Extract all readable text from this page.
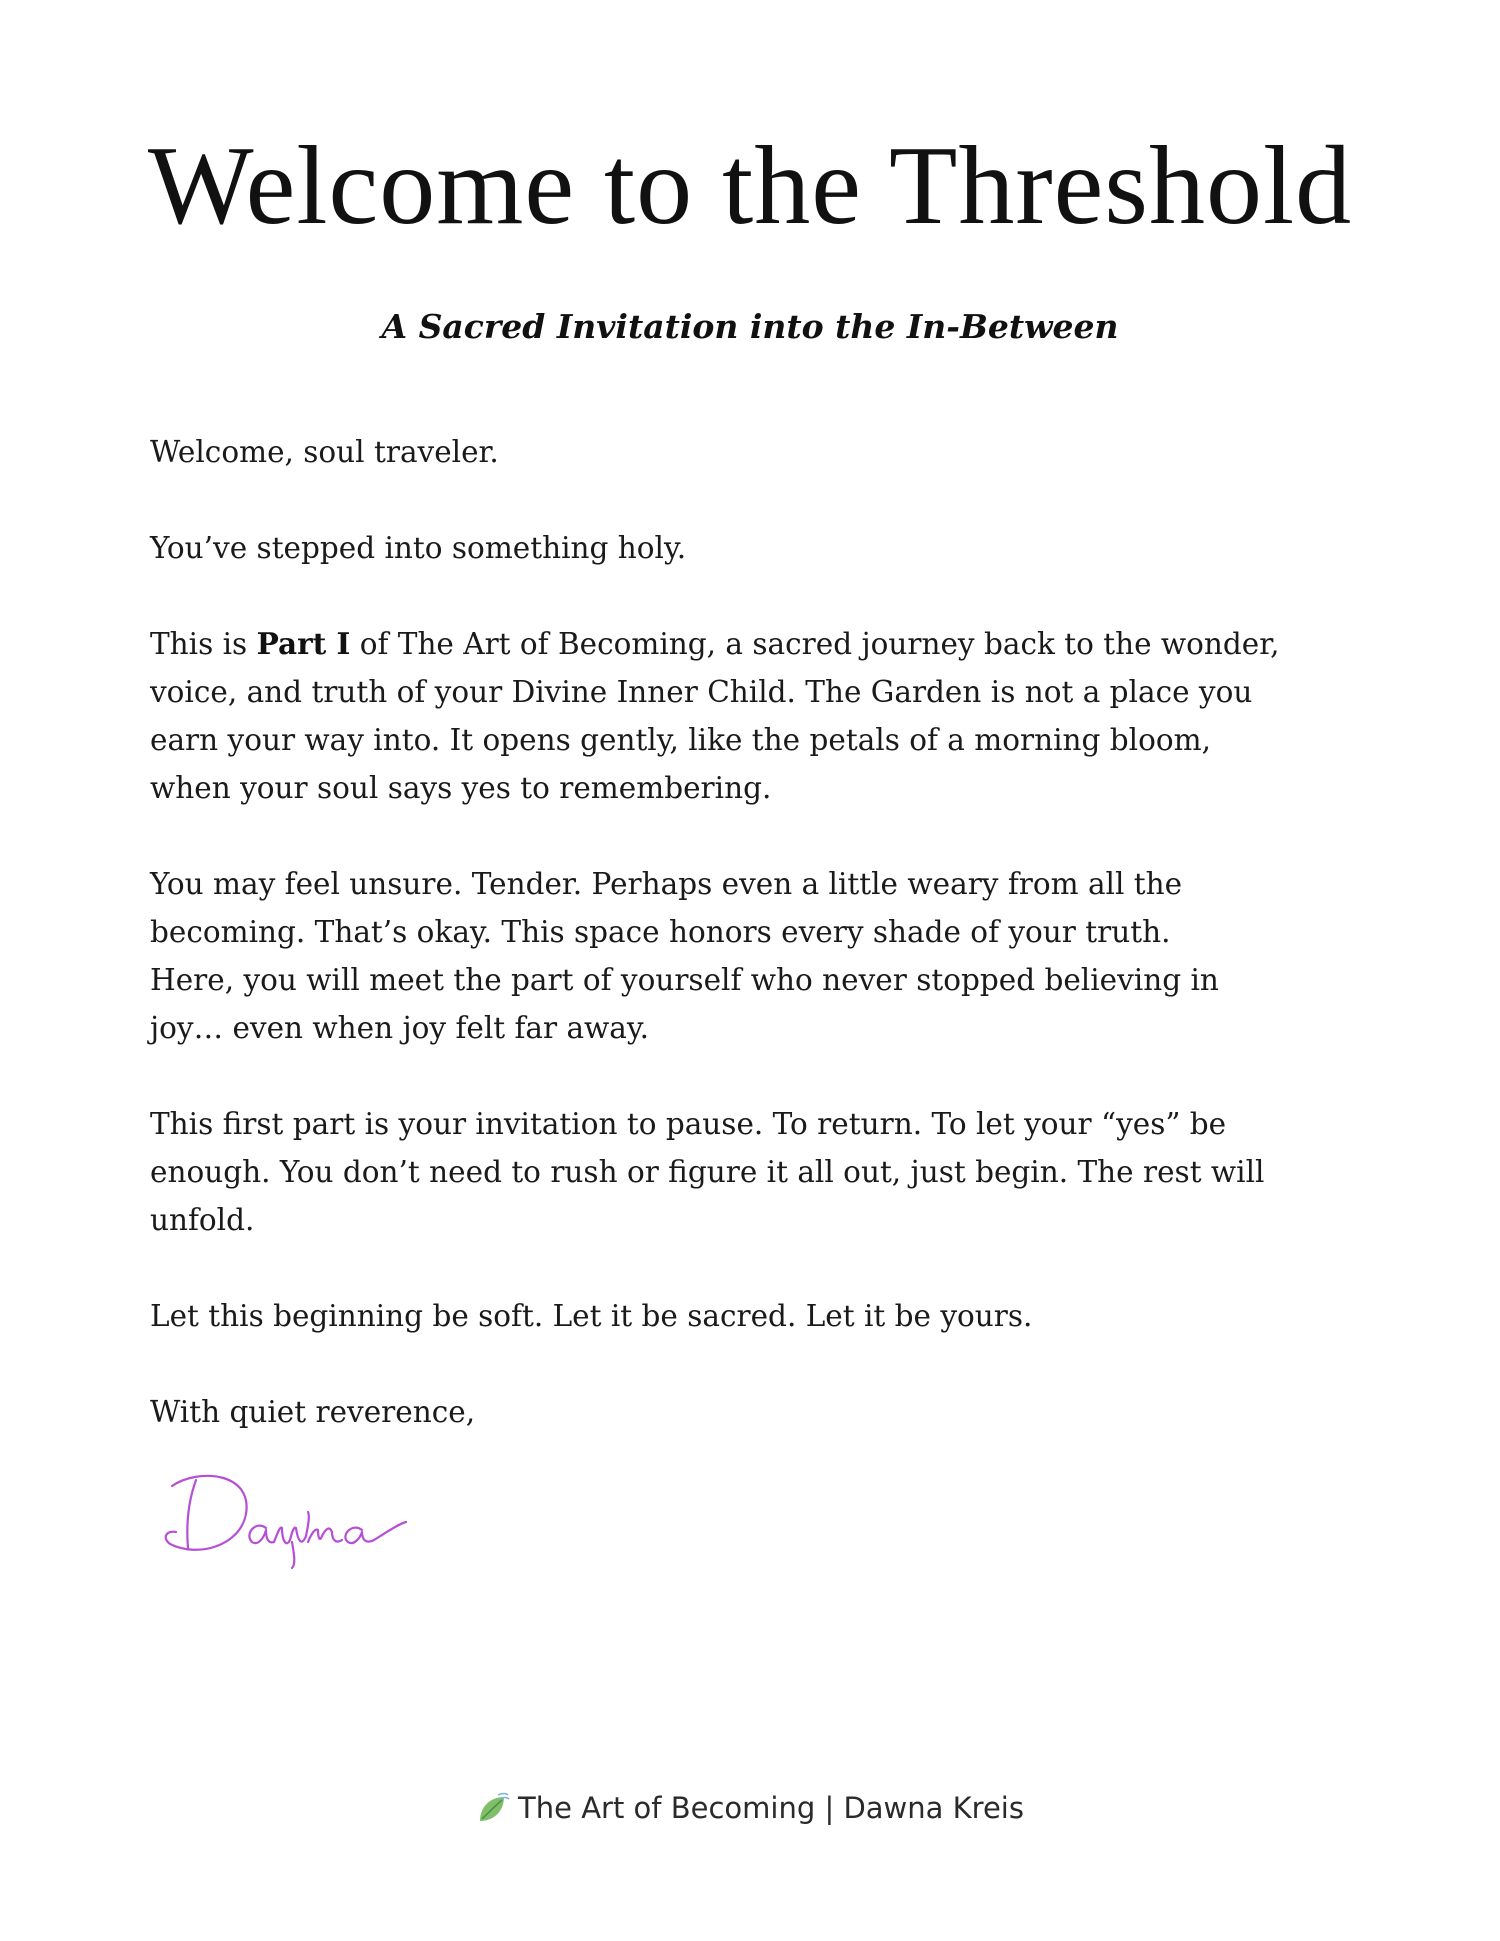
Welcome to the Threshold
A Sacred Invitation into the In-Between

Welcome, soul traveler.

You’ve stepped into something holy.

This is Part I of The Art of Becoming, a sacred journey back to the wonder,
voice, and truth of your Divine Inner Child. The Garden is not a place you
earn your way into. It opens gently, like the petals of a morning bloom,
when your soul says yes to remembering.

You may feel unsure. Tender. Perhaps even a little weary from all the
becoming. That’s okay. This space honors every shade of your truth.
Here, you will meet the part of yourself who never stopped believing in
joy… even when joy felt far away.

This first part is your invitation to pause. To return. To let your “yes” be
enough. You don’t need to rush or figure it all out, just begin. The rest will
unfold.

Let this beginning be soft. Let it be sacred. Let it be yours.

With quiet reverence,

The Art of Becoming | Dawna Kreis
